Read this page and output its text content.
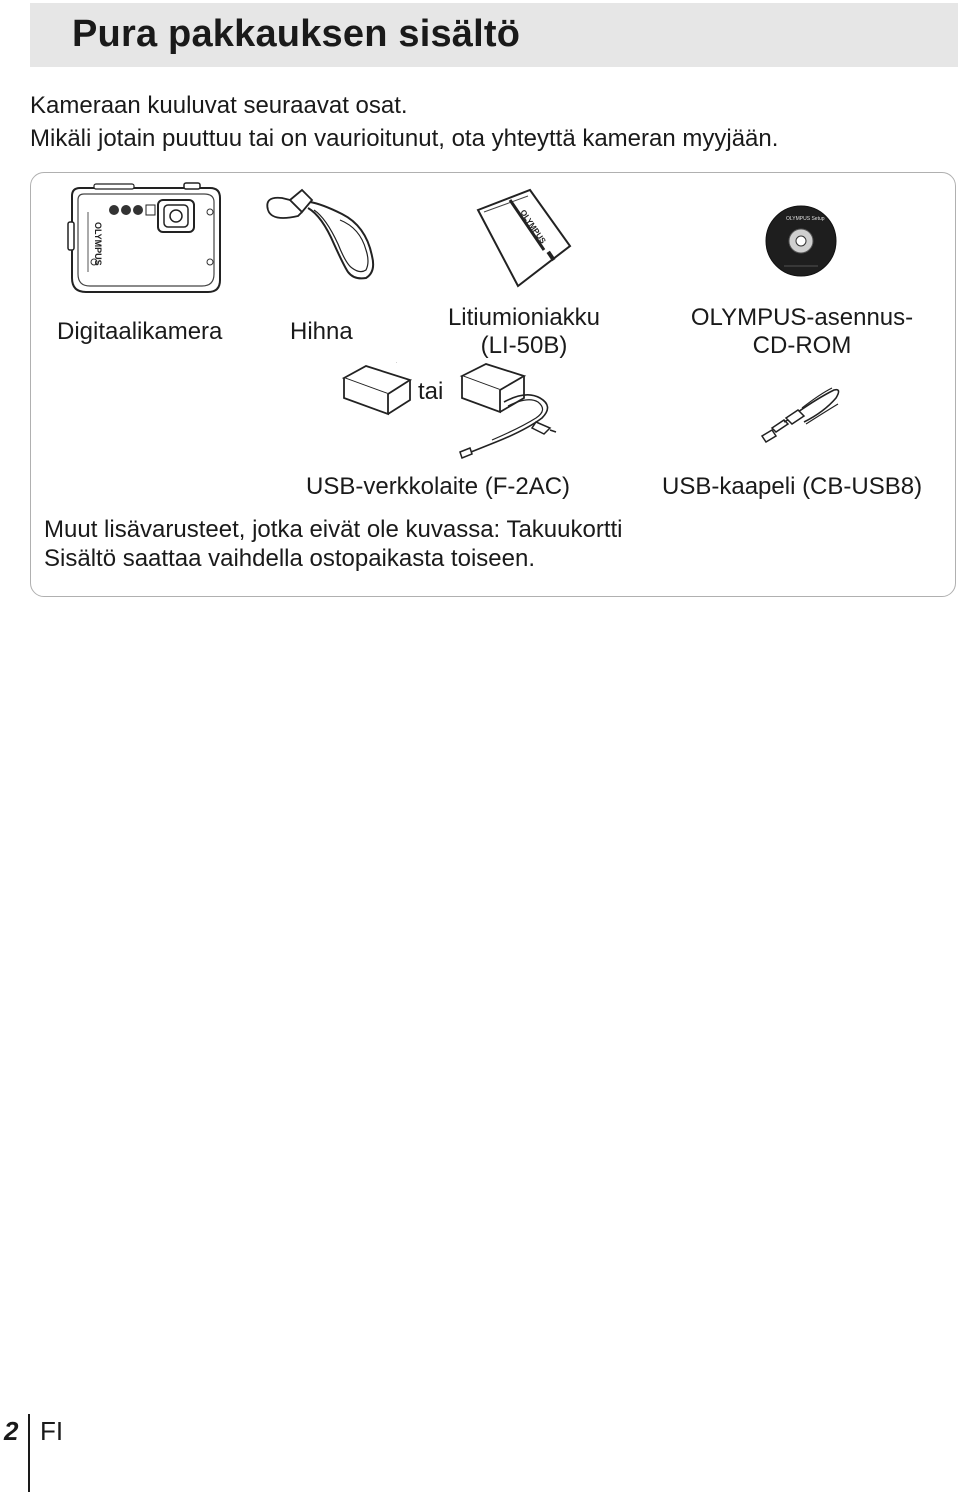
Pura pakkauksen sisältö

Kameraan kuuluvat seuraavat osat.

Mikäli jotain puuttuu tai on vaurioitunut, ota yhteyttä kameran myyjään.

OLYMPUS	OLYMPUS	OLYMPUS Setup
Digitaalikamera	Hihna
Litiumioniakku
(LI-50B)
OLYMPUS-asennus-
CD-ROM
tai
USB-verkkolaite (F-2AC)	USB-kaapeli (CB-USB8)

Muut lisävarusteet, jotka eivät ole kuvassa: Takuukortti

Sisältö saattaa vaihdella ostopaikasta toiseen.

2 FI
